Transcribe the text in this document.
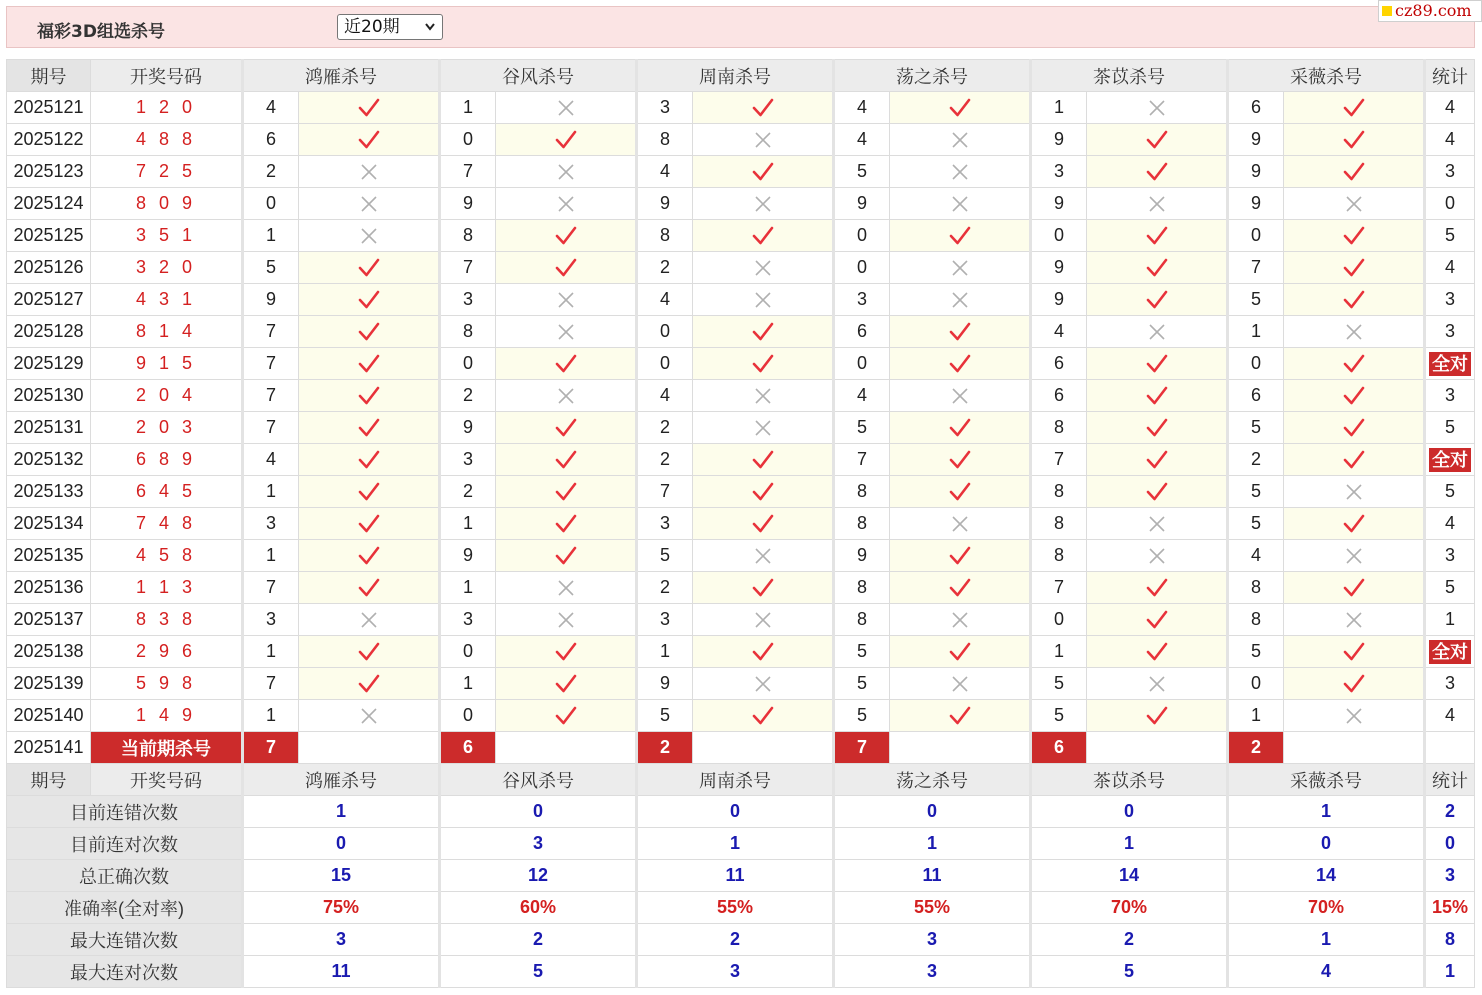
福彩3D组选杀号	近20期
cz89.com
期号	开奖号码	鸿雁杀号		谷风杀号		周南杀号		荡之杀号		茶苡杀号		采薇杀号		统计
2025121	1 2 0	4		1		3		4		1		6		4
2025122	4 8 8	6		0		8		4		9		9		4
2025123	7 2 5	2		7		4		5		3		9		3
2025124	8 0 9	0		9		9		9		9		9		0
2025125	3 5 1	1		8		8		0		0		0		5
2025126	3 2 0	5		7		2		0		9		7		4
2025127	4 3 1	9		3		4		3		9		5		3
2025128	8 1 4	7		8		0		6		4		1		3
2025129	9 1 5	7		0		0		0		6		0		全对
2025130	2 0 4	7		2		4		4		6		6		3
2025131	2 0 3	7		9		2		5		8		5		5
2025132	6 8 9	4		3		2		7		7		2		全对
2025133	6 4 5	1		2		7		8		8		5		5
2025134	7 4 8	3		1		3		8		8		5		4
2025135	4 5 8	1		9		5		9		8		4		3
2025136	1 1 3	7		1		2		8		7		8		5
2025137	8 3 8	3		3		3		8		0		8		1
2025138	2 9 6	1		0		1		5		1		5		全对
2025139	5 9 8	7		1		9		5		5		0		3
2025140	1 4 9	1		0		5		5		5		1		4
2025141	当前期杀号	7		6		2		7		6		2		
期号	开奖号码	鸿雁杀号		谷风杀号		周南杀号		荡之杀号		茶苡杀号		采薇杀号		统计
目前连错次数		1		0		0		0		0		1		2
目前连对次数		0		3		1		1		1		0		0
总正确次数		15		12		11		11		14		14		3
准确率(全对率)		75%		60%		55%		55%		70%		70%		15%
最大连错次数		3		2		2		3		2		1		8
最大连对次数		11		5		3		3		5		4		1
